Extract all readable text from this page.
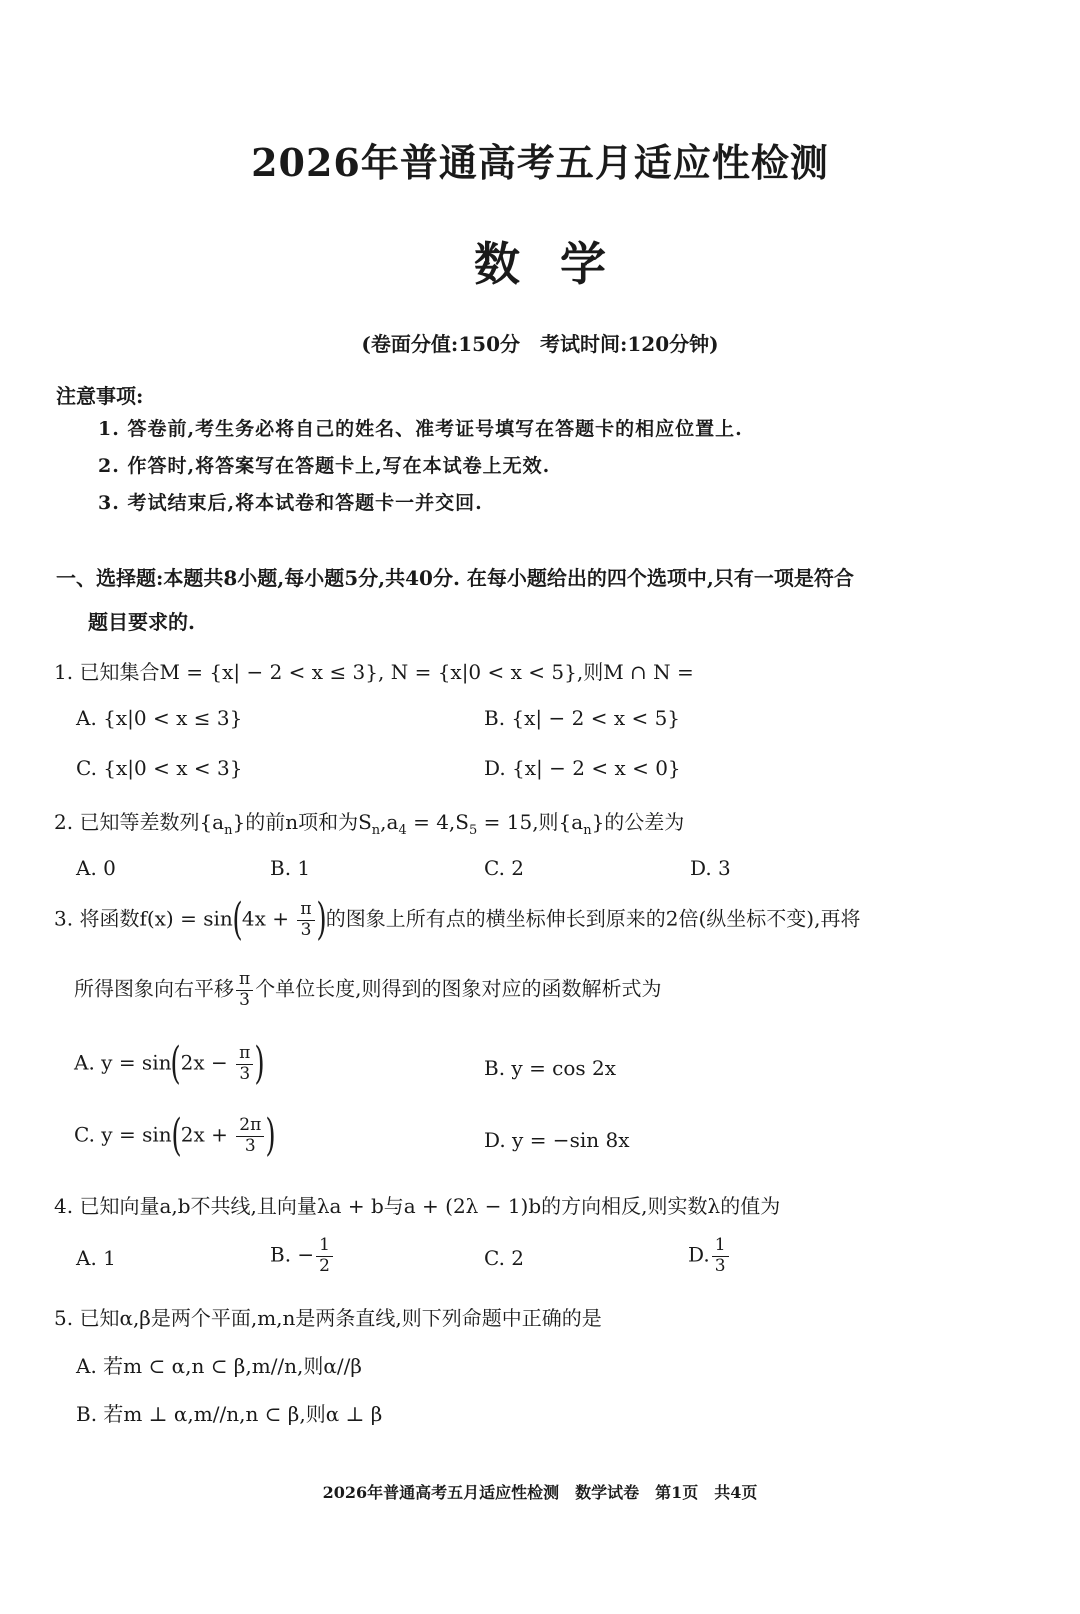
2026年普通高考五月适应性检测
数学
(卷面分值:150分　考试时间:120分钟)
注意事项:
1. 答卷前,考生务必将自己的姓名、准考证号填写在答题卡的相应位置上.
2. 作答时,将答案写在答题卡上,写在本试卷上无效.
3. 考试结束后,将本试卷和答题卡一并交回.
一、选择题:本题共8小题,每小题5分,共40分. 在每小题给出的四个选项中,只有一项是符合
题目要求的.
1. 已知集合M = {x| − 2 < x ≤ 3}, N = {x|0 < x < 5},则M ∩ N =
A. {x|0 < x ≤ 3}	B. {x| − 2 < x < 5}
C. {x|0 < x < 3}	D. {x| − 2 < x < 0}
2. 已知等差数列$\{a_n\}$的前n项和为$S_n,a_4 = 4,S_5 = 15$,则$\{a_n\}$的公差为
A. 0	B. 1	C. 2	D. 3
3. 将函数$f(x) = \sin(4x + \frac{\pi}{3}$ )的图象上所有点的横坐标伸长到原来的2倍(纵坐标不变),再将
所得图象向右平移 $\frac{\pi}{3}$ 个单位长度,则得到的图象对应的函数解析式为
A. $y = \sin(2x - \frac{\pi}{3}$ )	B. y = cos 2x
C. $y = \sin(2x + \frac{2\pi}{3}$ )	D. y = −sin 8x
4. 已知向量a,b不共线,且向量λa + b与a + (2λ − 1)b的方向相反,则实数λ的值为
A. 1	B. − $\frac{1}{2}$	C. 2	D. $\frac{1}{3}$
5. 已知α,β是两个平面,m,n是两条直线,则下列命题中正确的是
A. 若m ⊂ α,n ⊂ β,m//n,则α//β
B. 若m ⊥ α,m//n,n ⊂ β,则α ⊥ β
2026年普通高考五月适应性检测　数学试卷　第1页　共4页
